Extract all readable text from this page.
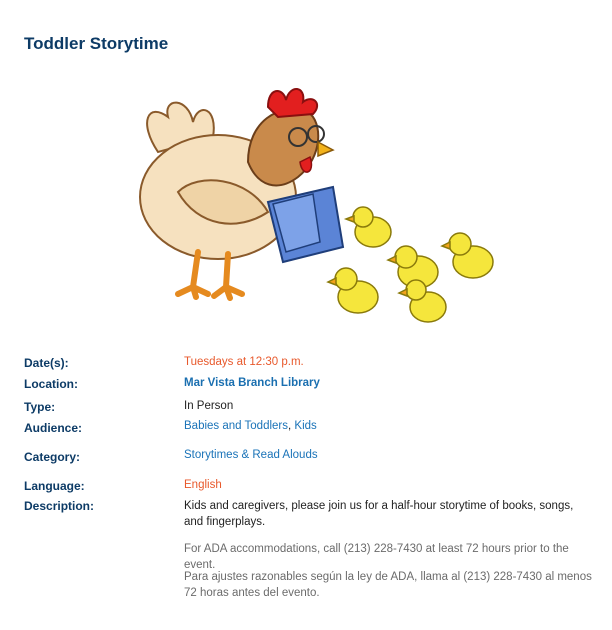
Toddler Storytime
Date(s):	Tuesdays at 12:30 p.m.
Location:	Mar Vista Branch Library
Type:	In Person
Audience:	Babies and Toddlers, Kids
Category:	Storytimes & Read Alouds
Language:	English
Description:	Kids and caregivers, please join us for a half-hour storytime of books, songs, and fingerplays.
For ADA accommodations, call (213) 228-7430 at least 72 hours prior to the event.
Para ajustes razonables según la ley de ADA, llama al (213) 228-7430 al menos 72 horas antes del evento.
